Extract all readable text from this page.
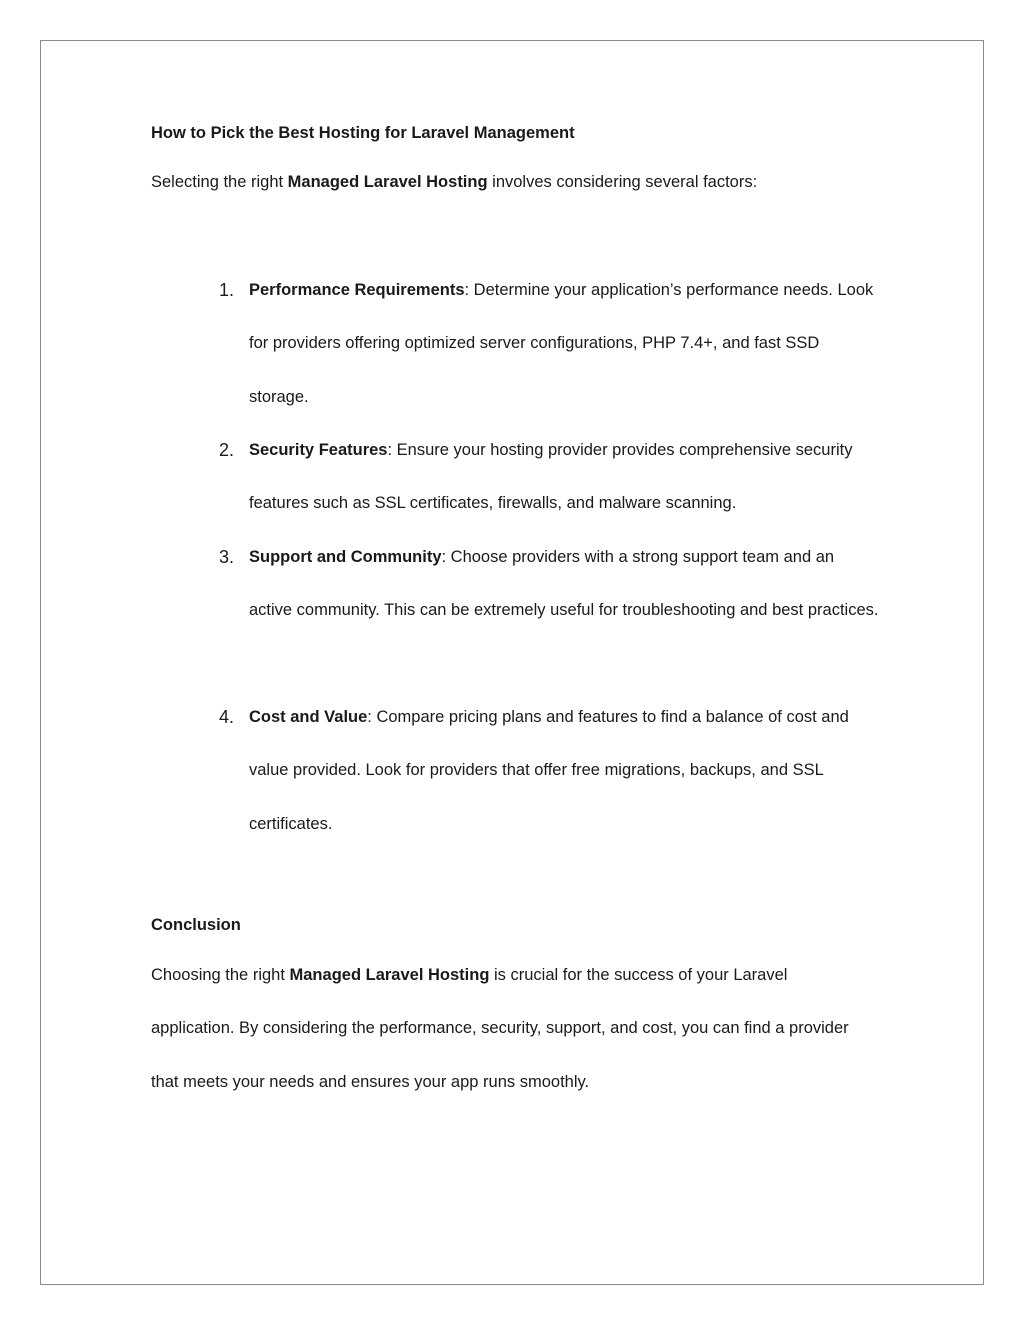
How to Pick the Best Hosting for Laravel Management
Selecting the right Managed Laravel Hosting involves considering several factors:
1. Performance Requirements: Determine your application’s performance needs. Look for providers offering optimized server configurations, PHP 7.4+, and fast SSD storage.
2. Security Features: Ensure your hosting provider provides comprehensive security features such as SSL certificates, firewalls, and malware scanning.
3. Support and Community: Choose providers with a strong support team and an active community. This can be extremely useful for troubleshooting and best practices.
4. Cost and Value: Compare pricing plans and features to find a balance of cost and value provided. Look for providers that offer free migrations, backups, and SSL certificates.
Conclusion
Choosing the right Managed Laravel Hosting is crucial for the success of your Laravel application. By considering the performance, security, support, and cost, you can find a provider that meets your needs and ensures your app runs smoothly.
